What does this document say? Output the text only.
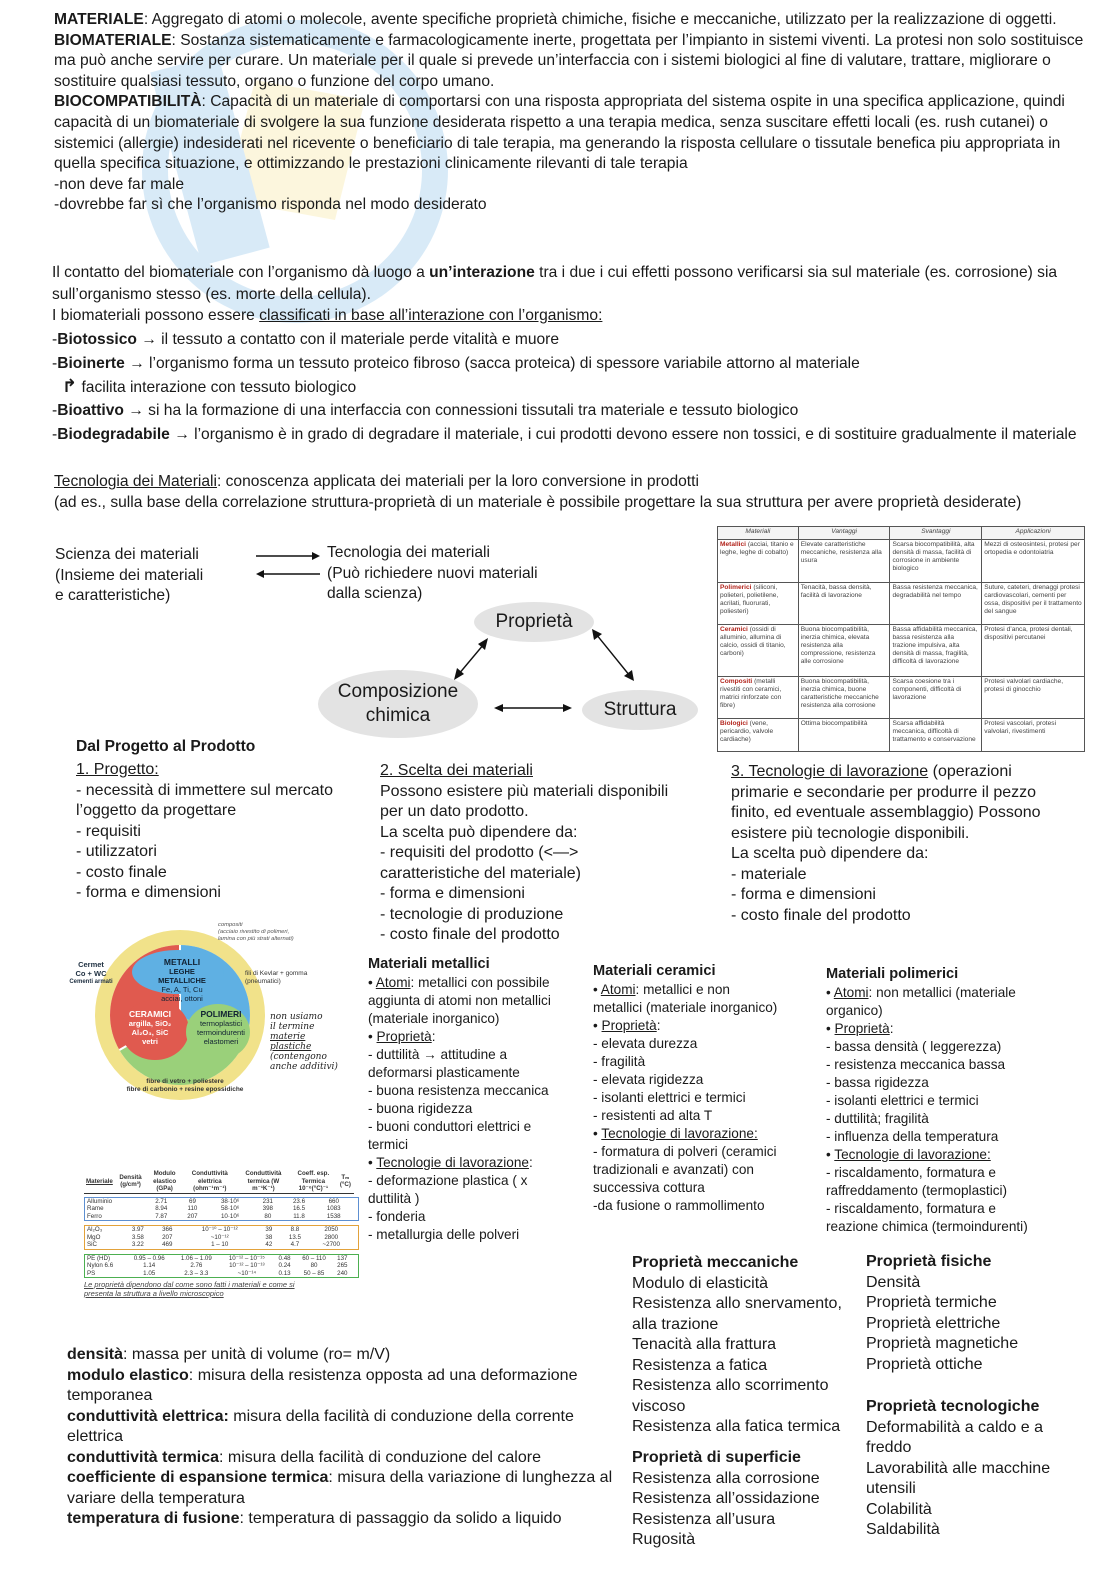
MATERIALE: Aggregato di atomi o molecole, avente specifiche proprietà chimiche, fisiche e meccaniche, utilizzato per la realizzazione di oggetti.
BIOMATERIALE: Sostanza sistematicamente e farmacologicamente inerte, progettata per l’impianto in sistemi viventi. La protesi non solo sostituisce ma può anche servire per curare. Un materiale per il quale si prevede un’interfaccia con i sistemi biologici al fine di valutare, trattare, migliorare o sostituire qualsiasi tessuto, organo o funzione del corpo umano.
BIOCOMPATIBILITÀ: Capacità di un materiale di comportarsi con una risposta appropriata del sistema ospite in una specifica applicazione, quindi capacità di un biomateriale di svolgere la sua funzione desiderata rispetto a una terapia medica, senza suscitare effetti locali (es. rush cutanei) o sistemici (allergie) indesiderati nel ricevente o beneficiario di tale terapia, ma generando la risposta cellulare o tissutale benefica piu appropriata in quella specifica situazione, e ottimizzando le prestazioni clinicamente rilevanti di tale terapia
-non deve far male
-dovrebbe far sì che l’organismo risponda nel modo desiderato
Il contatto del biomateriale con l’organismo dà luogo a un’interazione tra i due i cui effetti possono verificarsi sia sul materiale (es. corrosione) sia sull’organismo stesso (es. morte della cellula).
I biomateriali possono essere classificati in base all’interazione con l’organismo:
-Biotossico → il tessuto a contatto con il materiale perde vitalità e muore
-Bioinerte → l’organismo forma un tessuto proteico fibroso (sacca proteica) di spessore variabile attorno al materiale
↱ facilita interazione con tessuto biologico
-Bioattivo → si ha la formazione di una interfaccia con connessioni tissutali tra materiale e tessuto biologico
-Biodegradabile → l’organismo è in grado di degradare il materiale, i cui prodotti devono essere non tossici, e di sostituire gradualmente il materiale
Tecnologia dei Materiali: conoscenza applicata dei materiali per la loro conversione in prodotti
(ad es., sulla base della correlazione struttura-proprietà di un materiale è possibile progettare la sua struttura per avere proprietà desiderate)
Scienza dei materiali
(Insieme dei materiali
e caratteristiche)
Tecnologia dei materiali
(Può richiedere nuovi materiali
dalla scienza)
Proprietà
Composizione
chimica	Struttura
Materiali	Vantaggi	Svantaggi	Applicazioni
Metallici (acciai, titanio e leghe, leghe di cobalto)	Elevate caratteristiche meccaniche, resistenza alla usura	Scarsa biocompatibilità, alta densità di massa, facilità di corrosione in ambiente biologico	Mezzi di osteosintesi, protesi per ortopedia e odontoiatria
Polimerici (siliconi, polieteri, polietilene, acrilati, fluorurati, poliesteri)	Tenacità, bassa densità, facilità di lavorazione	Bassa resistenza meccanica, degradabilità nel tempo	Suture, cateteri, drenaggi protesi cardiovascolari, cementi per ossa, dispositivi per il trattamento del sangue
Ceramici (ossidi di alluminio, allumina di calcio, ossidi di titanio, carboni)	Buona biocompatibilità, inerzia chimica, elevata resistenza alla compressione, resistenza alle corrosione	Bassa affidabilità meccanica, bassa resistenza alla trazione impulsiva, alta densità di massa, fragilità, difficoltà di lavorazione	Protesi d’anca, protesi dentali, dispositivi percutanei
Compositi (metalli rivestiti con ceramici, matrici rinforzate con fibre)	Buona biocompatibilità, inerzia chimica, buone caratteristiche meccaniche resistenza alla corrosione	Scarsa coesione tra i componenti, difficoltà di lavorazione	Protesi valvolari cardiache, protesi di ginocchio
Biologici (vene, pericardio, valvole cardiache)	Ottima biocompatibilità	Scarsa affidabilità meccanica, difficoltà di trattamento e conservazione	Protesi vascolari, protesi valvolari, rivestimenti
Dal Progetto al Prodotto
1. Progetto:
- necessità di immettere sul mercato
l’oggetto da progettare
- requisiti
- utilizzatori
- costo finale
- forma e dimensioni
2. Scelta dei materiali
Possono esistere più materiali disponibili
per un dato prodotto.
La scelta può dipendere da:
- requisiti del prodotto (<—>
caratteristiche del materiale)
- forma e dimensioni
- tecnologie di produzione
- costo finale del prodotto
3. Tecnologie di lavorazione (operazioni
primarie e secondarie per produrre il pezzo
finito, ed eventuale assemblaggio) Possono
esistere più tecnologie disponibili.
La scelta può dipendere da:
- materiale
- forma e dimensioni
- costo finale del prodotto
METALLI
LEGHE METALLICHE
Fe, A, Ti, Cu
acciai, ottoni
CERAMICI
argilla, SiO₂
Al₂O₃, SiC
vetri
POLIMERI
termoplastici
termoindurenti
elastomeri
Cermet
Co + WC
Cementi armati
compositi
(acciaio rivestito di polimeri,
lamina con più strati alternati)
fili di Kevlar + gomma
(pneumatici)
fibre di vetro + poliestere
fibre di carbonio + resine epossidiche
non usiamo
il termine
materie
plastiche
(contengono
anche additivi)
Materiale	Densità (g/cm³)	Modulo elastico (GPa)	Conduttività elettrica (ohm⁻¹m⁻¹)	Conduttività termica (W m⁻¹K⁻¹)	Coeff. esp. Termica 10⁻⁶(°C)⁻¹	Tₘ (°C)
Alluminio	2.71	69	38·10⁶	231	23.6	660
Rame	8.94	110	58·10⁶	398	16.5	1083
Ferro	7.87	207	10·10⁶	80	11.8	1538
Al₂O₃	3.97	366	10⁻¹⁰ – 10⁻¹²	39	8.8	2050
MgO	3.58	207	~10⁻¹²	38	13.5	2800
SiC	3.22	469	1 – 10	42	4.7	~2700
PE (HD)	0.95 – 0.96	1.06 – 1.09	10⁻¹² – 10⁻¹⁵	0.48	60 – 110	137
Nylon 6.6	1.14	2.76	10⁻¹² – 10⁻¹³	0.24	80	265
PS	1.05	2.3 – 3.3	~10⁻¹⁴	0.13	50 – 85	240
Le proprietà dipendono dal come sono fatti i materiali e come si
presenta la struttura a livello microscopico
Materiali metallici
• Atomi: metallici con possibile
aggiunta di atomi non metallici
(materiale inorganico)
• Proprietà:
- duttilità → attitudine a
deformarsi plasticamente
- buona resistenza meccanica
- buona rigidezza
- buoni conduttori elettrici e
termici
• Tecnologie di lavorazione:
- deformazione plastica ( x
duttilità )
- fonderia
- metallurgia delle polveri
Materiali ceramici
• Atomi: metallici e non
metallici (materiale inorganico)
• Proprietà:
- elevata durezza
- fragilità
- elevata rigidezza
- isolanti elettrici e termici
- resistenti ad alta T
• Tecnologie di lavorazione:
- formatura di polveri (ceramici
tradizionali e avanzati) con
successiva cottura
-da fusione o rammollimento
Materiali polimerici
• Atomi: non metallici (materiale
organico)
• Proprietà:
- bassa densità ( leggerezza)
- resistenza meccanica bassa
- bassa rigidezza
- isolanti elettrici e termici
- duttilità; fragilità
- influenza della temperatura
• Tecnologie di lavorazione:
- riscaldamento, formatura e
raffreddamento (termoplastici)
- riscaldamento, formatura e
reazione chimica (termoindurenti)
densità: massa per unità di volume (ro= m/V)
modulo elastico: misura della resistenza opposta ad una deformazione temporanea
conduttività elettrica: misura della facilità di conduzione della corrente elettrica
conduttività termica: misura della facilità di conduzione del calore
coefficiente di espansione termica: misura della variazione di lunghezza al variare della temperatura
temperatura di fusione: temperatura di passaggio da solido a liquido
Proprietà meccaniche
Modulo di elasticità
Resistenza allo snervamento,
alla trazione
Tenacità alla frattura
Resistenza a fatica
Resistenza allo scorrimento
viscoso
Resistenza alla fatica termica
Proprietà di superficie
Resistenza alla corrosione
Resistenza all’ossidazione
Resistenza all’usura
Rugosità
Proprietà fisiche
Densità
Proprietà termiche
Proprietà elettriche
Proprietà magnetiche
Proprietà ottiche
Proprietà tecnologiche
Deformabilità a caldo e a
freddo
Lavorabilità alle macchine
utensili
Colabilità
Saldabilità
